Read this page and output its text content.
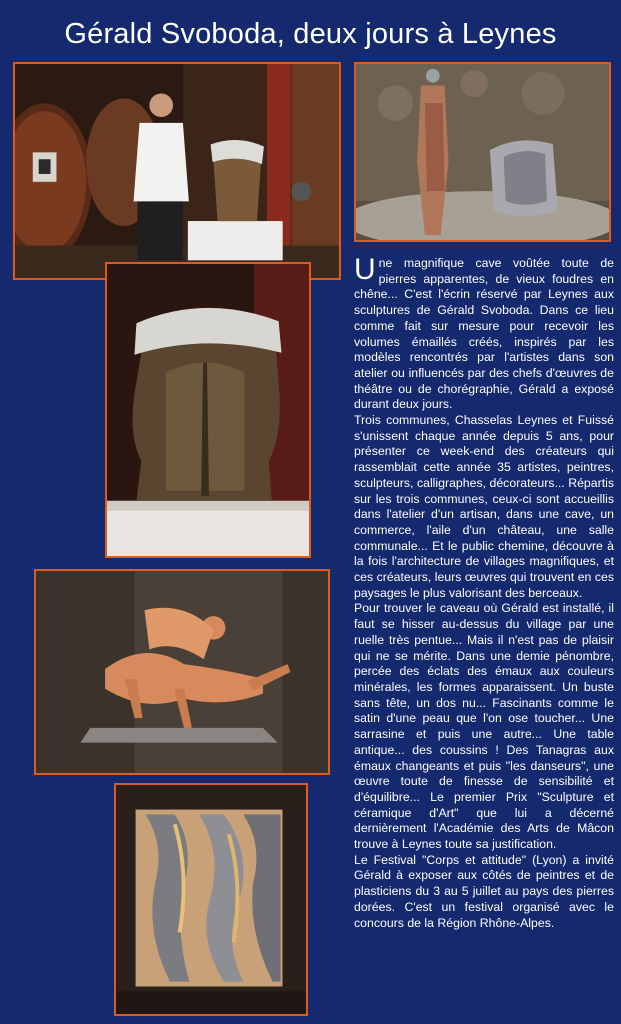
Gérald Svoboda, deux jours à Leynes

Une magnifique cave voûtée toute de pierres apparentes, de vieux foudres en chêne... C'est l'écrin réservé par Leynes aux sculptures de Gérald Svoboda. Dans ce lieu comme fait sur mesure pour recevoir les volumes émaillés créés, inspirés par les modèles rencontrés par l'artistes dans son atelier ou influencés par des chefs d'œuvres de théâtre ou de chorégraphie, Gérald a exposé durant deux jours.

Trois communes, Chasselas Leynes et Fuissé s'unissent chaque année depuis 5 ans, pour présenter ce week-end des créateurs qui rassemblait cette année 35 artistes, peintres, sculpteurs, calligraphes, décorateurs... Répartis sur les trois communes, ceux-ci sont accueillis dans l'atelier d'un artisan, dans une cave, un commerce, l'aile d'un château, une salle communale... Et le public chemine, découvre à la fois l'architecture de villages magnifiques, et ces créateurs, leurs œuvres qui trouvent en ces paysages le plus valorisant des berceaux.

Pour trouver le caveau où Gérald est installé, il faut se hisser au-dessus du village par une ruelle très pentue... Mais il n'est pas de plaisir qui ne se mérite. Dans une demie pénombre, percée des éclats des émaux aux couleurs minérales, les formes apparaissent. Un buste sans tête, un dos nu... Fascinants comme le satin d'une peau que l'on ose toucher... Une sarrasine et puis une autre... Une table antique... des coussins ! Des Tanagras aux émaux changeants et puis "les danseurs", une œuvre toute de finesse de sensibilité et d'équilibre... Le premier Prix "Sculpture et céramique d'Art" que lui a décerné dernièrement l'Académie des Arts de Mâcon trouve à Leynes toute sa justification.

Le Festival "Corps et attitude" (Lyon) a invité Gérald à exposer aux côtés de peintres et de plasticiens du 3 au 5 juillet au pays des pierres dorées. C'est un festival organisé avec le concours de la Région Rhône-Alpes.
